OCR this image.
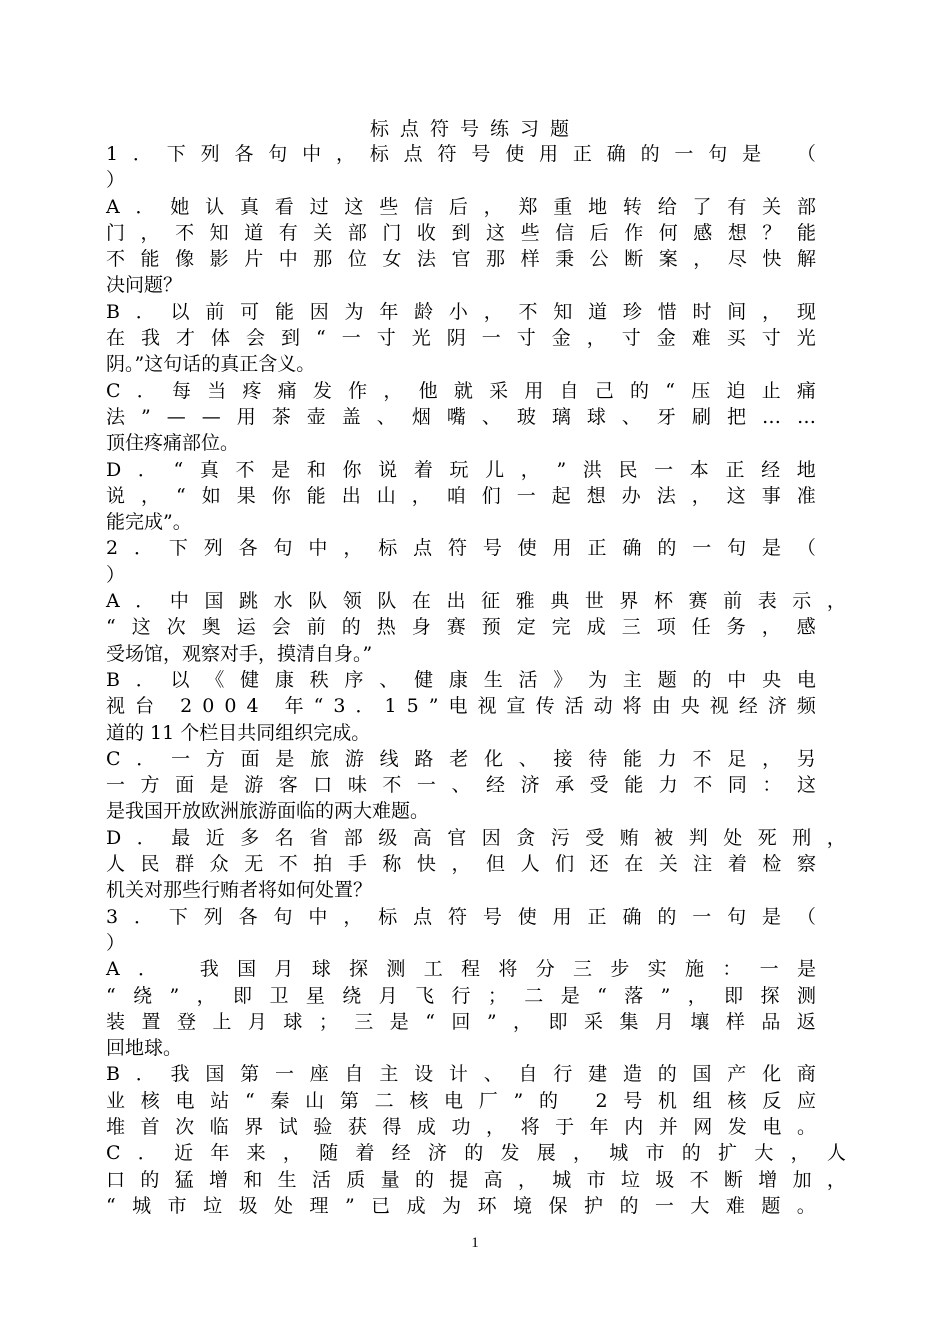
标点符号练习题
1 ． 下 列 各 句 中 ， 标 点 符 号 使 用 正 确 的 一 句 是
（
）
A ． 她 认 真 看 过 这 些 信 后 ， 郑 重 地 转 给 了 有 关 部
门 ， 不 知 道 有 关 部 门 收 到 这 些 信 后 作 何 感 想 ？ 能
不 能 像 影 片 中 那 位 女 法 官 那 样 秉 公 断 案 ， 尽 快 解
决问题？
B ． 以 前 可 能 因 为 年 龄 小 ， 不 知 道 珍 惜 时 间 ， 现
在 我 才 体 会 到 “ 一 寸 光 阴 一 寸 金 ， 寸 金 难 买 寸 光
阴。”这句话的真正含义。
C ． 每 当 疼 痛 发 作 ， 他 就 采 用 自 己 的 “ 压 迫 止 痛
法 ” — — 用 茶 壶 盖 、 烟 嘴 、 玻 璃 球 、 牙 刷 把 … …
顶住疼痛部位。
D ． “ 真 不 是 和 你 说 着 玩 儿 ， ” 洪 民 一 本 正 经 地
说 ， “ 如 果 你 能 出 山 ， 咱 们 一 起 想 办 法 ， 这 事 准
能完成”。
2 ． 下 列 各 句 中 ， 标 点 符 号 使 用 正 确 的 一 句 是 （
）
A ． 中 国 跳 水 队 领 队 在 出 征 雅 典 世 界 杯 赛 前 表 示 ，
“ 这 次 奥 运 会 前 的 热 身 赛 预 定 完 成 三 项 任 务 ， 感
受场馆，观察对手，摸清自身。”
B ． 以 《 健 康 秩 序 、 健 康 生 活 》 为 主 题 的 中 央 电
视 台
2 0 0 4
年 “ 3 ． 1 5 ” 电 视 宣 传 活 动 将 由 央 视 经 济 频
道的 11 个栏目共同组织完成。
C ． 一 方 面 是 旅 游 线 路 老 化 、 接 待 能 力 不 足 ， 另
一 方 面 是 游 客 口 味 不 一 、 经 济 承 受 能 力 不 同 ： 这
是我国开放欧洲旅游面临的两大难题。
D ． 最 近 多 名 省 部 级 高 官 因 贪 污 受 贿 被 判 处 死 刑 ，
人 民 群 众 无 不 拍 手 称 快 ， 但 人 们 还 在 关 注 着 检 察
机关对那些行贿者将如何处置？
3 ． 下 列 各 句 中 ， 标 点 符 号 使 用 正 确 的 一 句 是 （
）
A ．
我 国 月 球 探 测 工 程 将 分 三 步 实 施 ： 一 是
“ 绕 ” ， 即 卫 星 绕 月 飞 行 ； 二 是 “ 落 ” ， 即 探 测
装 置 登 上 月 球 ； 三 是 “ 回 ” ， 即 采 集 月 壤 样 品 返
回地球。
B ． 我 国 第 一 座 自 主 设 计 、 自 行 建 造 的 国 产 化 商
业 核 电 站 “ 秦 山 第 二 核 电 厂 ” 的
2 号 机 组 核 反 应
堆 首 次 临 界 试 验 获 得 成 功 ， 将 于 年 内 并 网 发 电 。
C ． 近 年 来 ， 随 着 经 济 的 发 展 ， 城 市 的 扩 大 ， 人
口 的 猛 增 和 生 活 质 量 的 提 高 ， 城 市 垃 圾 不 断 增 加 ，
“ 城 市 垃 圾 处 理 ” 已 成 为 环 境 保 护 的 一 大 难 题 。
1
